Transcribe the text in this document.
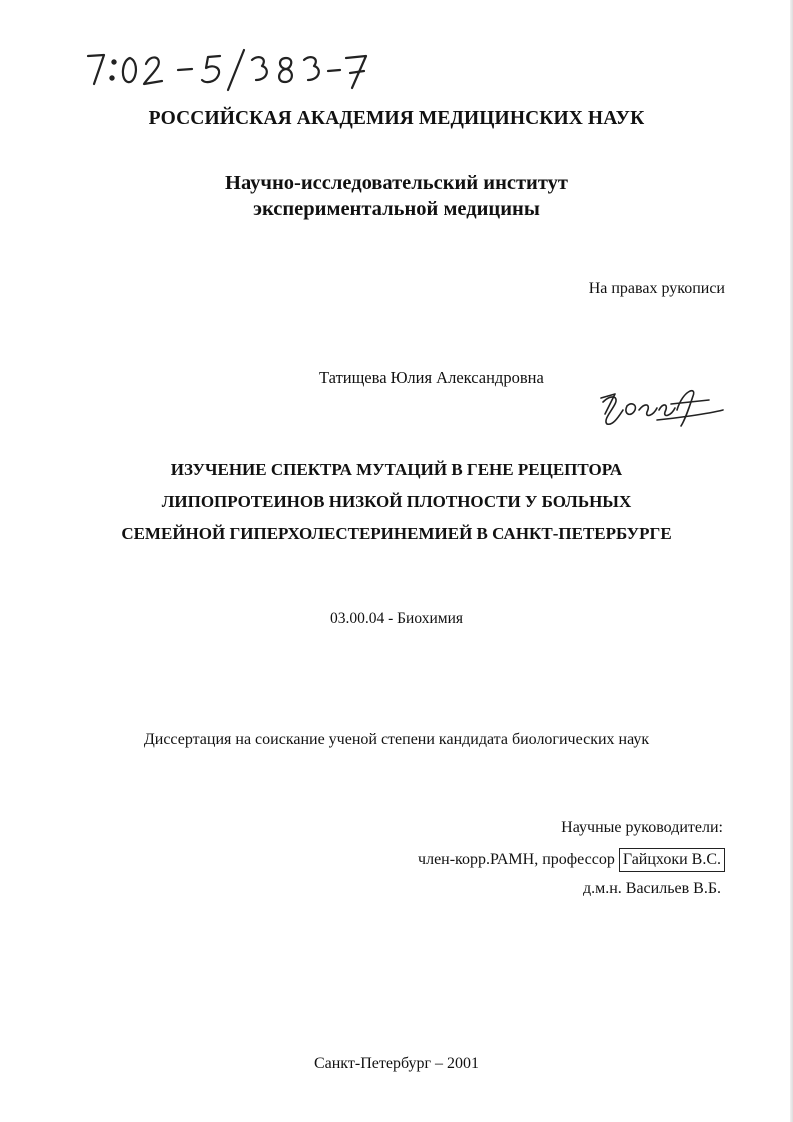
РОССИЙСКАЯ АКАДЕМИЯ МЕДИЦИНСКИХ НАУК
Научно-исследовательский институт
экспериментальной медицины
На правах рукописи
Татищева Юлия Александровна
ИЗУЧЕНИЕ СПЕКТРА МУТАЦИЙ В ГЕНЕ РЕЦЕПТОРА
ЛИПОПРОТЕИНОВ НИЗКОЙ ПЛОТНОСТИ У БОЛЬНЫХ
СЕМЕЙНОЙ ГИПЕРХОЛЕСТЕРИНЕМИЕЙ В САНКТ-ПЕТЕРБУРГЕ
03.00.04 - Биохимия
Диссертация на соискание ученой степени кандидата биологических наук
Научные руководители:
член-корр.РАМН, профессор Гайцхоки В.С.
д.м.н. Васильев В.Б.
Санкт-Петербург – 2001
